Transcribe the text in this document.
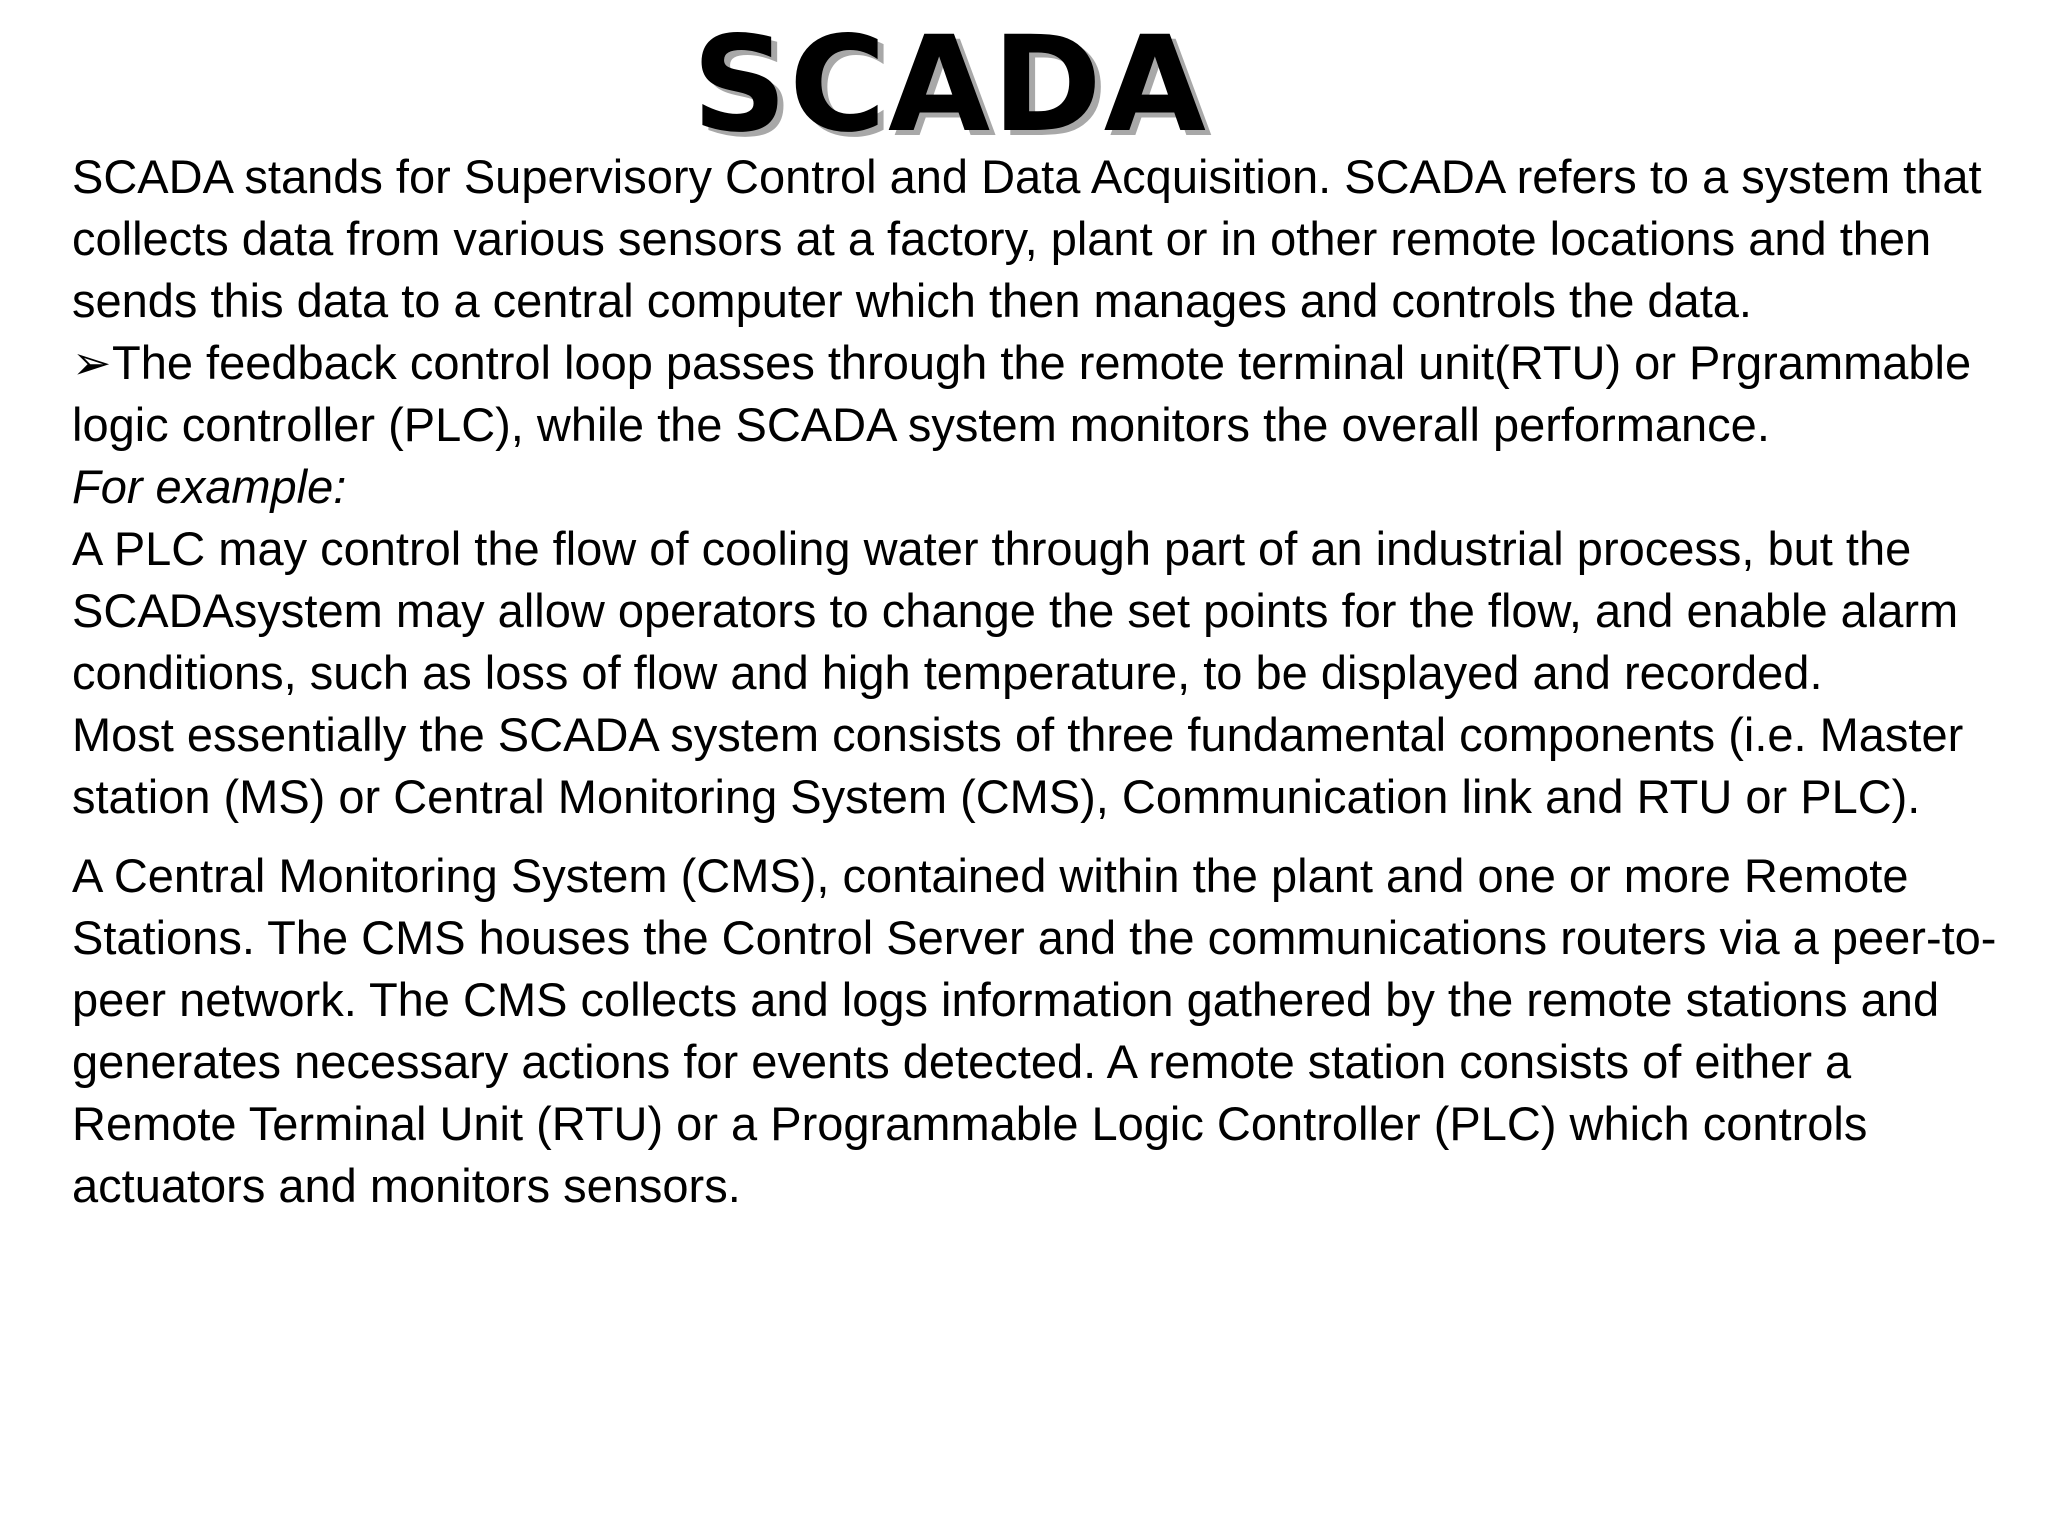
SCADA

SCADA stands for Supervisory Control and Data Acquisition. SCADA refers to a system that collects data from various sensors at a factory, plant or in other remote locations and then sends this data to a central computer which then manages and controls the data.

➢The feedback control loop passes through the remote terminal unit(RTU) or Prgrammable logic controller (PLC), while the SCADA system monitors the overall performance.

For example:

A PLC may control the flow of cooling water through part of an industrial process, but the SCADAsystem may allow operators to change the set points for the flow, and enable alarm conditions, such as loss of flow and high temperature, to be displayed and recorded.

Most essentially the SCADA system consists of three fundamental components (i.e. Master station (MS) or Central Monitoring System (CMS), Communication link and RTU or PLC).

A Central Monitoring System (CMS), contained within the plant and one or more Remote Stations. The CMS houses the Control Server and the communications routers via a peer-to-peer network. The CMS collects and logs information gathered by the remote stations and generates necessary actions for events detected. A remote station consists of either a Remote Terminal Unit (RTU) or a Programmable Logic Controller (PLC) which controls actuators and monitors sensors.
